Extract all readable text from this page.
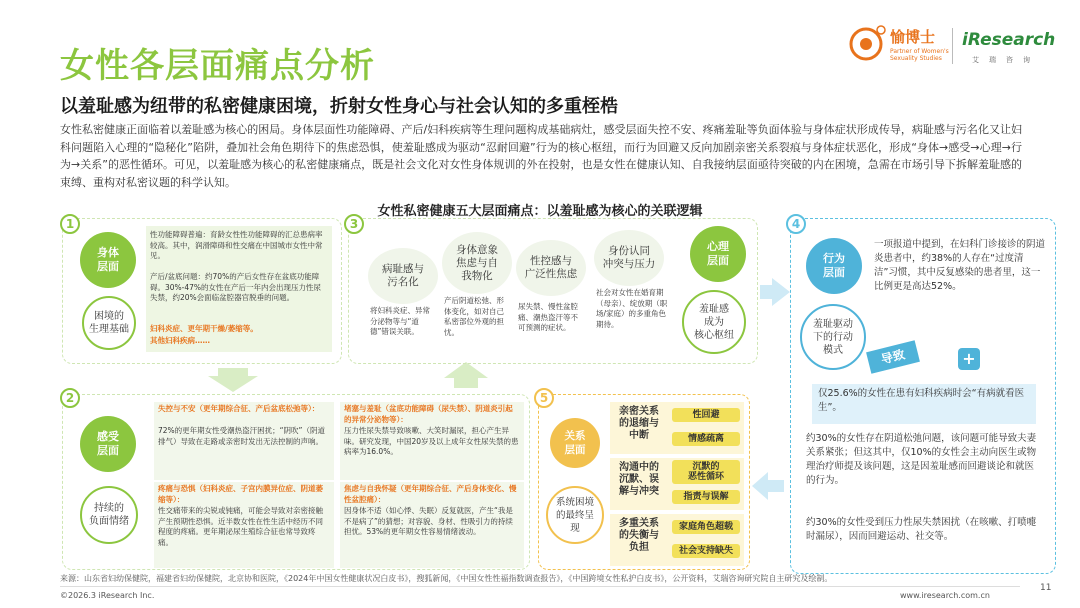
女性各层面痛点分析
以羞耻感为纽带的私密健康困境，折射女性身心与社会认知的多重桎梏
女性私密健康正面临着以羞耻感为核心的困局。身体层面性功能障碍、产后/妇科疾病等生理问题构成基础病灶，感受层面失控不安、疼痛羞耻等负面体验与身体症状形成传导，病耻感与污名化又让妇科问题陷入心理的“隐秘化”陷阱，叠加社会角色期待下的焦虑恐惧，使羞耻感成为驱动“忍耐回避”行为的核心枢纽，而行为回避又反向加剧亲密关系裂痕与身体症状恶化，形成“身体→感受→心理→行为→关系”的恶性循环。可见，以羞耻感为核心的私密健康痛点，既是社会文化对女性身体规训的外在投射，也是女性在健康认知、自我接纳层面亟待突破的内在困境，急需在市场引导下拆解羞耻感的束缚、重构对私密议题的科学认知。
愉博士
Partner of Women's
Sexuality Studies
iResearch
艾瑞咨询
女性私密健康五大层面痛点：以羞耻感为核心的关联逻辑
1
身体
层面
困境的
生理基础
性功能障碍普遍：育龄女性性功能障碍的汇总患病率较高。其中，润滑障碍和性交痛在中国城市女性中常见。
产后/盆底问题：约70%的产后女性存在盆底功能障碍。30%-47%的女性在产后一年内会出现压力性尿失禁，约20%会面临盆腔器官脱垂的问题。
妇科炎症、更年期干燥/萎缩等。
其他妇科疾病……
3
病耻感与
污名化
身体意象
焦虑与自
我物化
性控感与
广泛性焦虑
身份认同
冲突与压力
将妇科炎症、异常分泌物等与“道德”错误关联。
产后阴道松弛、形体变化，如对自己私密部位外观的担忧。
尿失禁、慢性盆腔痛、潮热盗汗等不可预测的症状。
社会对女性在婚育期（母亲）、绽放期（职场/家庭）的多重角色期待。
心理
层面
羞耻感
成为
核心枢纽
4
行为
层面
羞耻驱动
下的行动
模式
一项报道中提到，在妇科门诊接诊的阴道炎患者中，约38%的人存在“过度清洁”习惯，其中反复感染的患者里，这一比例更是高达52%。
导致	+
仅25.6%的女性在患有妇科疾病时会“有病就看医生”。
约30%的女性存在阴道松弛问题，该问题可能导致夫妻关系紧张；但这其中，仅10%的女性会主动向医生或物理治疗师提及该问题，这是因羞耻感而回避谈论和就医的行为。
约30%的女性受到压力性尿失禁困扰（在咳嗽、打喷嚏时漏尿），因而回避运动、社交等。
2
感受
层面
持续的
负面情绪
失控与不安（更年期综合征、产后盆底松弛等）：
72%的更年期女性受潮热盗汗困扰；“阴吹”（阴道排气）导致在走路或亲密时发出无法控制的声响。
疼痛与恐惧（妇科炎症、子宫内膜异位症、阴道萎缩等）：
性交痛带来的尖锐或钝痛，可能会导致对亲密接触产生预期性恐惧。近半数女性在性生活中经历不同程度的疼痛。更年期泌尿生殖综合征也常导致疼痛。
堵塞与羞耻（盆底功能障碍（尿失禁）、阴道炎引起的异常分泌物等）：
压力性尿失禁导致咳嗽、大笑时漏尿，担心产生异味。研究发现，中国20岁及以上成年女性尿失禁的患病率为16.0%。
焦虑与自我怀疑（更年期综合征、产后身体变化、慢性盆腔痛）：
因身体不适（如心悸、失眠）反复就医，产生“我是不是病了”的猜想；对容貌、身材、性吸引力的持续担忧。53%的更年期女性容易情绪波动。
5
关系
层面
系统困境
的最终呈
现
亲密关系
的退缩与
中断
性回避
情感疏离
沟通中的
沉默、误
解与冲突
沉默的
恶性循环
指责与误解
多重关系
的失衡与
负担
家庭角色超载
社会支持缺失
来源：山东省妇幼保健院，福建省妇幼保健院，北京协和医院，《2024年中国女性健康状况白皮书》，搜狐新闻，《中国女性性福指数调查报告》，《中国跨境女性私护白皮书》，公开资料，艾瑞咨询研究院自主研究及绘制。
©2026.3 iResearch Inc.	www.iresearch.com.cn
11
